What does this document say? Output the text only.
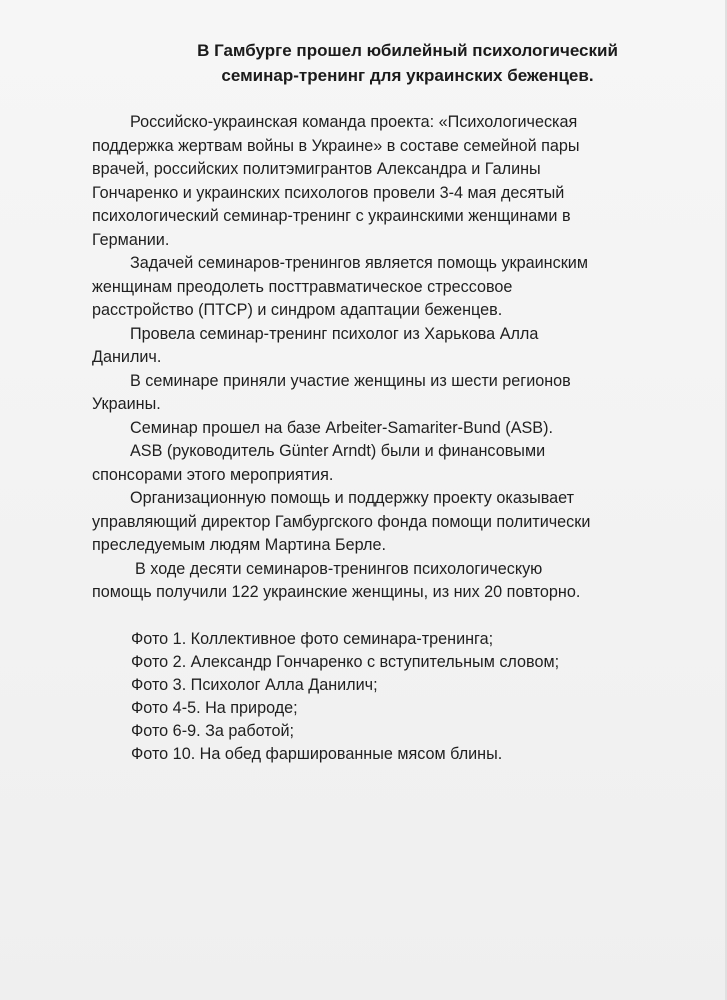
В Гамбурге прошел юбилейный психологический
семинар-тренинг для украинских беженцев.
Российско-украинская команда проекта: «Психологическая
поддержка жертвам войны в Украине» в составе семейной пары
врачей, российских политэмигрантов Александра и Галины
Гончаренко и украинских психологов провели 3-4 мая десятый
психологический семинар-тренинг с украинскими женщинами в
Германии.
Задачей семинаров-тренингов является помощь украинским
женщинам преодолеть посттравматическое стрессовое
расстройство (ПТСР) и синдром адаптации беженцев.
Провела семинар-тренинг психолог из Харькова Алла
Данилич.
В семинаре приняли участие женщины из шести регионов
Украины.
Семинар прошел на базе Arbeiter-Samariter-Bund (ASB).
ASB (руководитель Günter Arndt) были и финансовыми
спонсорами этого мероприятия.
Организационную помощь и поддержку проекту оказывает
управляющий директор Гамбургского фонда помощи политически
преследуемым людям Мартина Берле.
В ходе десяти семинаров-тренингов психологическую
помощь получили 122 украинские женщины, из них 20 повторно.
Фото 1. Коллективное фото семинара-тренинга;
Фото 2. Александр Гончаренко с вступительным словом;
Фото 3. Психолог Алла Данилич;
Фото 4-5. На природе;
Фото 6-9. За работой;
Фото 10. На обед фаршированные мясом блины.
